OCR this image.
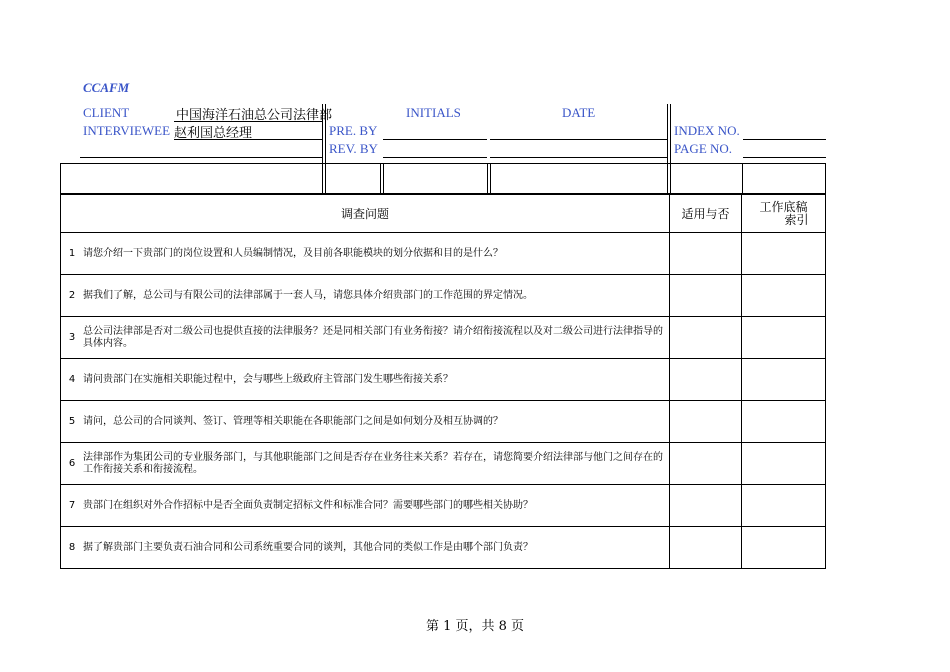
CCAFM
CLIENT	中国海洋石油总公司法律部	INITIALS	DATE
INTERVIEWEE 赵利国总经理	PRE. BY	INDEX NO.
REV. BY	PAGE NO.
调查问题	适用与否	工作底稿
索引

1 请您介绍一下贵部门的岗位设置和人员编制情况，及目前各职能模块的划分依据和目的是什么？		

2 据我们了解，总公司与有限公司的法律部属于一套人马，请您具体介绍贵部门的工作范围的界定情况。		

3
总公司法律部是否对二级公司也提供直接的法律服务？还是同相关部门有业务衔接？请介绍衔接流程以及对二级公司进行法律指导的具体内容。		

4 请问贵部门在实施相关职能过程中，会与哪些上级政府主管部门发生哪些衔接关系？		

5 请问，总公司的合同谈判、签订、管理等相关职能在各职能部门之间是如何划分及相互协调的？		

6
法律部作为集团公司的专业服务部门，与其他职能部门之间是否存在业务往来关系？若存在，请您简要介绍法律部与他门之间存在的工作衔接关系和衔接流程。		

7 贵部门在组织对外合作招标中是否全面负责制定招标文件和标准合同？需要哪些部门的哪些相关协助？		

8 据了解贵部门主要负责石油合同和公司系统重要合同的谈判，其他合同的类似工作是由哪个部门负责？		

第 1 页，共 8 页
